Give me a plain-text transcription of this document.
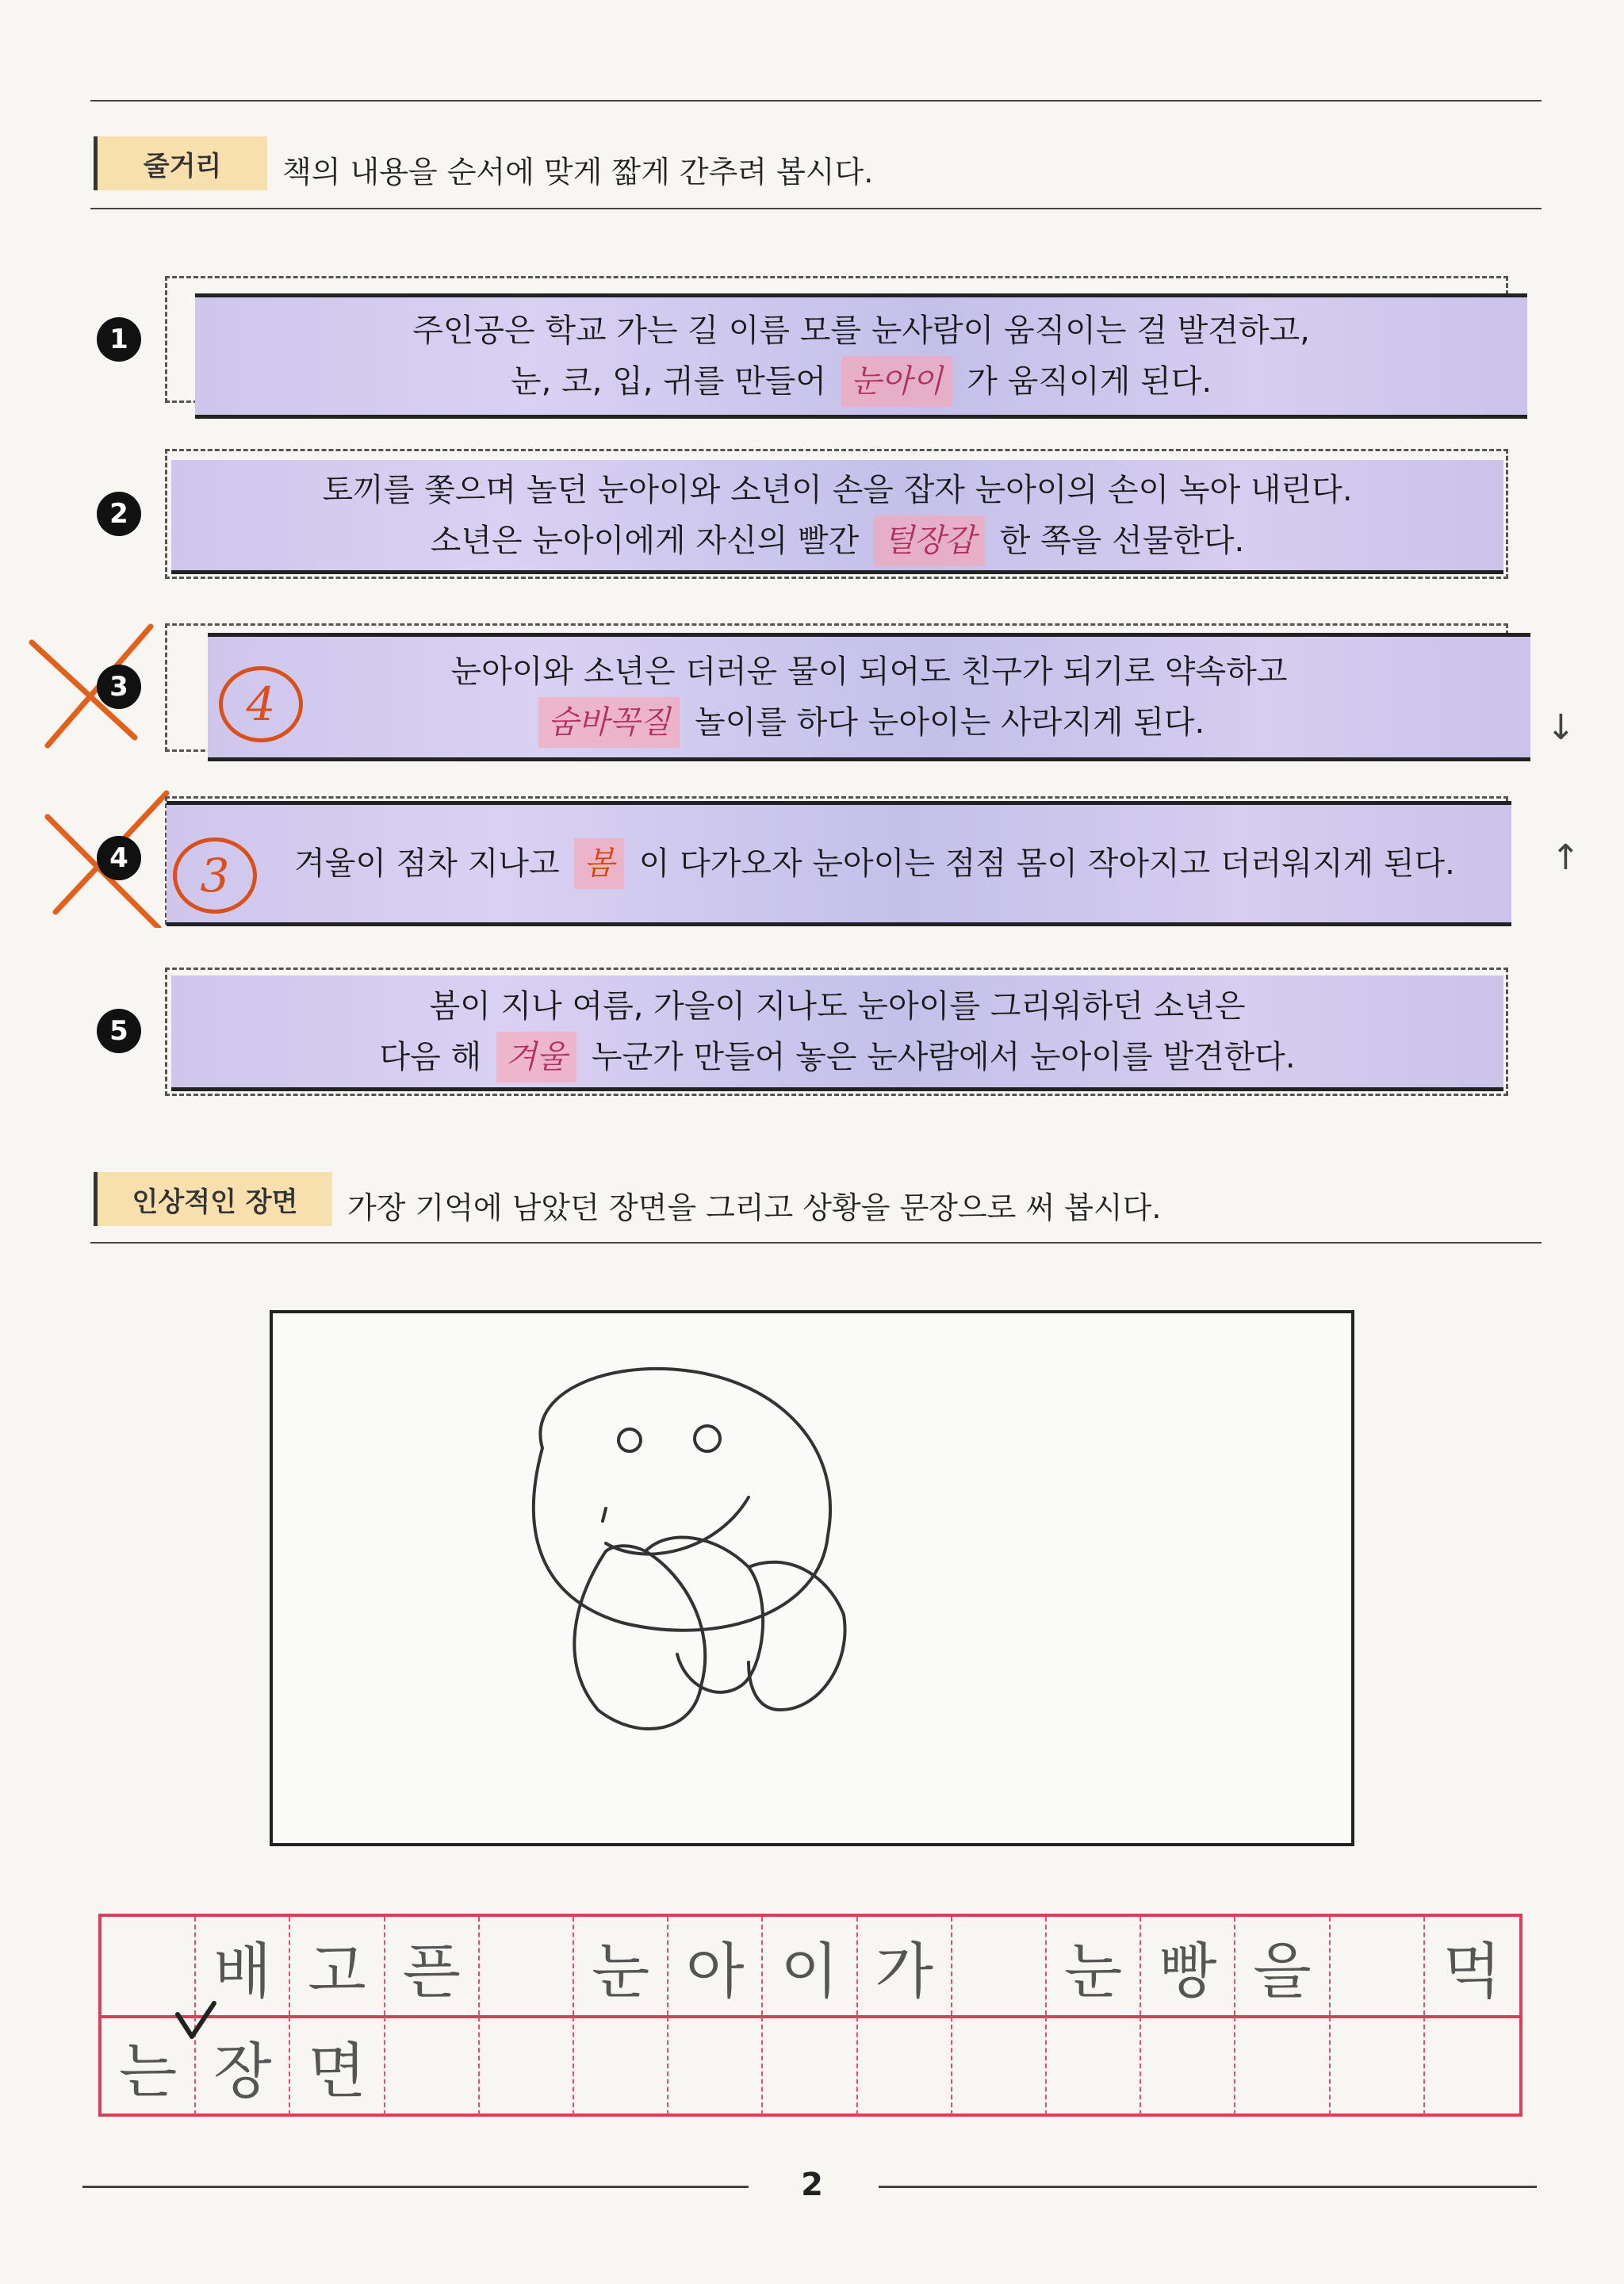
줄거리	책의 내용을 순서에 맞게 짧게 간추려 봅시다.
1	주인공은 학교 가는 길 이름 모를 눈사람이 움직이는 걸 발견하고,
눈, 코, 입, 귀를 만들어 눈아이 가 움직이게 된다.
2
토끼를 쫓으며 놀던 눈아이와 소년이 손을 잡자 눈아이의 손이 녹아 내린다.
소년은 눈아이에게 자신의 빨간 털장갑 한 쪽을 선물한다.
3	눈아이와 소년은 더러운 물이 되어도 친구가 되기로 약속하고
숨바꼭질 놀이를 하다 눈아이는 사라지게 된다.
4	↓
4	겨울이 점차 지나고 봄 이 다가오자 눈아이는 점점 몸이 작아지고 더러워지게 된다.
3	↑
5
봄이 지나 여름, 가을이 지나도 눈아이를 그리워하던 소년은
다음 해 겨울 누군가 만들어 놓은 눈사람에서 눈아이를 발견한다.
인상적인 장면	가장 기억에 남았던 장면을 그리고 상황을 문장으로 써 봅시다.
배 고 픈	눈 아 이 가	눈 빵 을	먹
는 장 면
2
